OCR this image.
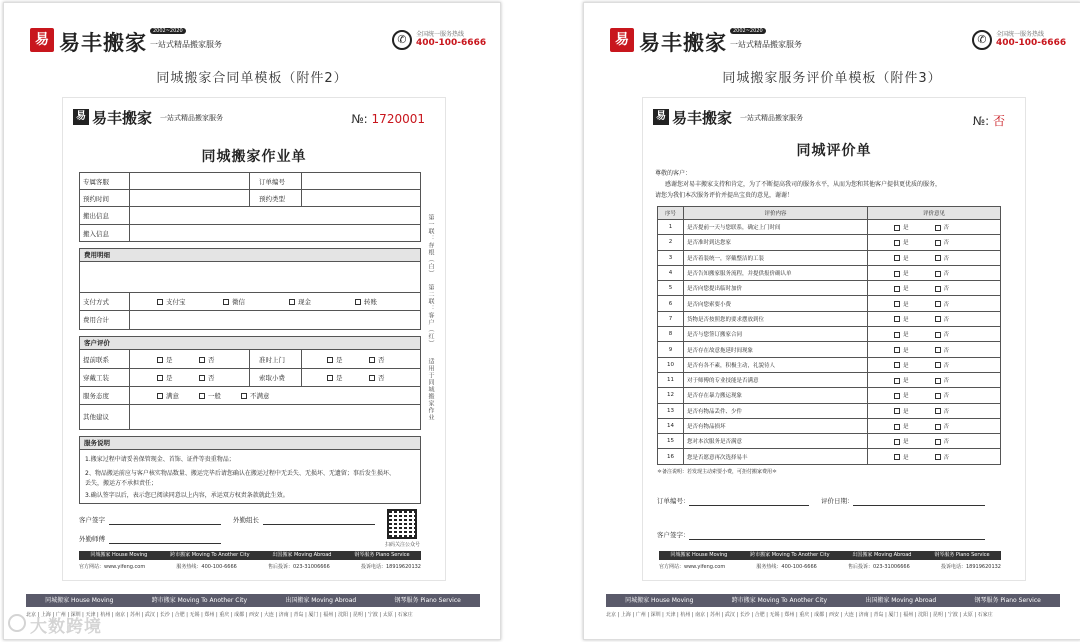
易 易丰搬家	2002~2020
一站式精品搬家服务	✆	全国统一服务热线
400-100-6666
同城搬家合同单模板（附件2）
易 易丰搬家 一站式精品搬家服务	№: 1720001
同城搬家作业单
专属客服	订单编号
预约时间	预约类型
搬出信息
搬入信息
费用明细
支付方式	支付宝	微信	现金	转账
费用合计
客户评价
提前联系	是	否	准时上门	是	否
穿戴工装	是	否	索取小费	是	否
服务态度	满意	一般	不满意
其他建议
服务说明
1.搬家过程中请妥善保管现金、首饰、证件等贵重物品；
2、物品搬运前应与客户核实物品数量、搬运完毕后请您确认在搬运过程中无丢失、无损坏、无遗留；事后发生损坏、
丢失，搬运方不承担责任；
3.确认签字以后，表示您已阅读同意以上内容，承运双方权责条款就此生效。
客户签字	外勤组长
外勤师傅
扫码关注公众号
同城搬家 House Moving	跨市搬家 Moving To Another City	出国搬家 Moving Abroad	钢琴服务 Piano Service
官方网站：www.yifeng.com	服务热线：400-100-6666	售后投诉：023-31006666	投诉电话：18919620132
第一联：存根（白）
第二联：客户（红）
适用于同城搬家作业
同城搬家 House Moving	跨市搬家 Moving To Another City	出国搬家 Moving Abroad	钢琴服务 Piano Service
北京 | 上海 | 广州 | 深圳 | 天津 | 杭州 | 南京 | 苏州 | 武汉 | 长沙 | 合肥 | 无锡 | 郑州 | 重庆 | 成都 | 西安 | 大连 | 济南 | 青岛 | 厦门 | 福州 | 沈阳 | 昆明 | 宁波 | 太原 | 石家庄
易 易丰搬家	2002~2020
一站式精品搬家服务	✆	全国统一服务热线
400-100-6666
同城搬家服务评价单模板（附件3）
易 易丰搬家 一站式精品搬家服务	№: 否
同城评价单
尊敬的客户：
感谢您对易丰搬家支持和肯定，为了不断提高我司的服务水平，从而为您和其他客户提供更优质的服务，
请您为我们本次服务评价并提出宝贵的意见，谢谢！
序号	评价内容	评价意见
1	是否提前一天与您联系，确定上门时间	是 否
2	是否准时到达您家	是 否
3	是否着装统一，穿戴整洁的工装	是 否
4	是否告知搬家服务流程，并提供报价确认单	是 否
5	是否向您提出临时加价	是 否
6	是否向您索要小费	是 否
7	货物是否按照您的要求摆放到位	是 否
8	是否与您签订搬家合同	是 否
9	是否存在故意拖延时间现象	是 否
10	是否有各不素，积极主动，礼貌待人	是 否
11	对于师傅的专业技能是否满意	是 否
12	是否存在暴力搬运现象	是 否
13	是否有物品丢件、少件	是 否
14	是否有物品损坏	是 否
15	您对本次服务是否满意	是 否
16	您是否愿意再次选择易丰	是 否
＊备注说明：若发现主动索要小费，可拒付搬家费用＊
订单编号：	评价日期：
客户签字：
同城搬家 House Moving	跨市搬家 Moving To Another City	出国搬家 Moving Abroad	钢琴服务 Piano Service
官方网站：www.yifeng.com	服务热线：400-100-6666	售后投诉：023-31006666	投诉电话：18919620132
同城搬家 House Moving	跨市搬家 Moving To Another City	出国搬家 Moving Abroad	钢琴服务 Piano Service
北京 | 上海 | 广州 | 深圳 | 天津 | 杭州 | 南京 | 苏州 | 武汉 | 长沙 | 合肥 | 无锡 | 郑州 | 重庆 | 成都 | 西安 | 大连 | 济南 | 青岛 | 厦门 | 福州 | 沈阳 | 昆明 | 宁波 | 太原 | 石家庄
大数跨境
